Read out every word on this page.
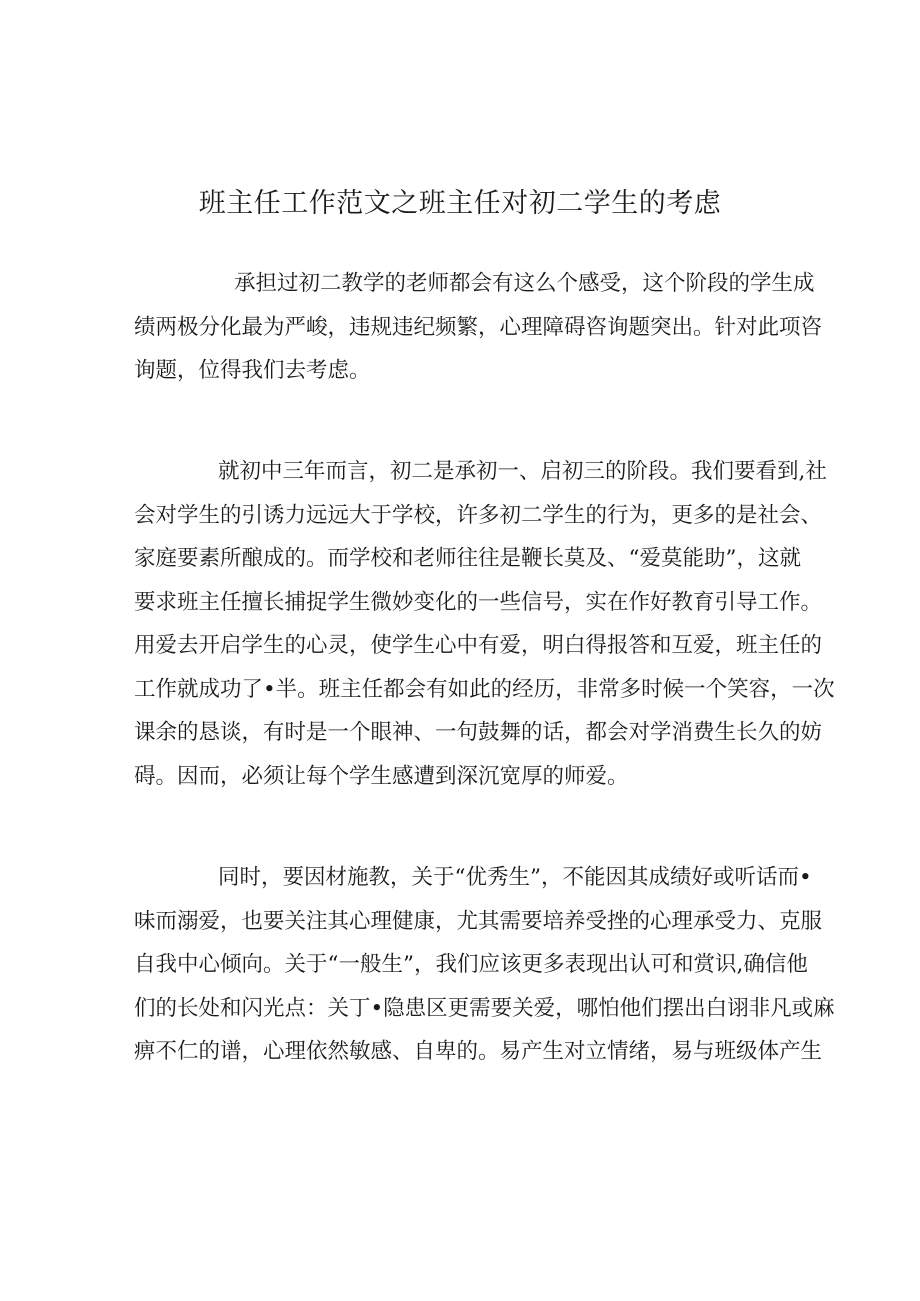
班主任工作范文之班主任对初二学生的考虑
承担过初二教学的老师都会有这么个感受，这个阶段的学生成
绩两极分化最为严峻，违规违纪频繁，心理障碍咨询题突出。针对此项咨
询题，位得我们去考虑。
就初中三年而言，初二是承初一、启初三的阶段。我们要看到,社
会对学生的引诱力远远大于学校，许多初二学生的行为，更多的是社会、
家庭要素所酿成的。而学校和老师往往是鞭长莫及、“爱莫能助”，这就
要求班主任擅长捕捉学生微妙变化的一些信号，实在作好教育引导工作。
用爱去开启学生的心灵，使学生心中有爱，明白得报答和互爱，班主任的
工作就成功了•半。班主任都会有如此的经历，非常多时候一个笑容，一次
课余的恳谈，有时是一个眼神、一句鼓舞的话，都会对学消费生长久的妨
碍。因而，必须让每个学生感遭到深沉宽厚的师爱。
同时，要因材施教，关于“优秀生”，不能因其成绩好或听话而•
味而溺爱，也要关注其心理健康，尤其需要培养受挫的心理承受力、克服
自我中心倾向。关于“一般生”，我们应该更多表现出认可和赏识,确信他
们的长处和闪光点：关丁•隐患区更需要关爱，哪怕他们摆出白诩非凡或麻
痹不仁的谱，心理依然敏感、自卑的。易产生对立情绪，易与班级体产生
